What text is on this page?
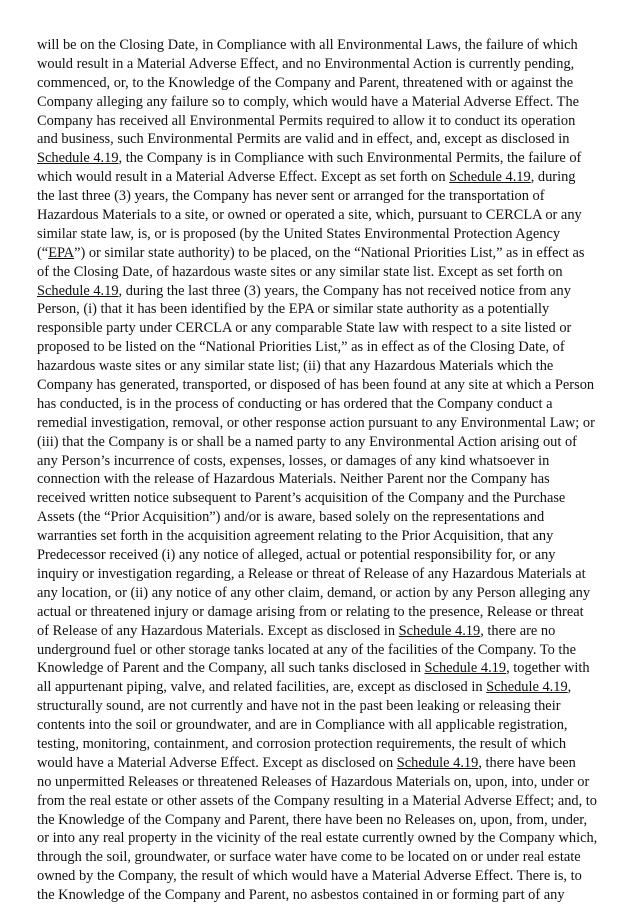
will be on the Closing Date, in Compliance with all Environmental Laws, the failure of which
would result in a Material Adverse Effect, and no Environmental Action is currently pending,
commenced, or, to the Knowledge of the Company and Parent, threatened with or against the
Company alleging any failure so to comply, which would have a Material Adverse Effect. The
Company has received all Environmental Permits required to allow it to conduct its operation
and business, such Environmental Permits are valid and in effect, and, except as disclosed in
Schedule 4.19, the Company is in Compliance with such Environmental Permits, the failure of
which would result in a Material Adverse Effect. Except as set forth on Schedule 4.19, during
the last three (3) years, the Company has never sent or arranged for the transportation of
Hazardous Materials to a site, or owned or operated a site, which, pursuant to CERCLA or any
similar state law, is, or is proposed (by the United States Environmental Protection Agency
(“EPA”) or similar state authority) to be placed, on the “National Priorities List,” as in effect as
of the Closing Date, of hazardous waste sites or any similar state list. Except as set forth on
Schedule 4.19, during the last three (3) years, the Company has not received notice from any
Person, (i) that it has been identified by the EPA or similar state authority as a potentially
responsible party under CERCLA or any comparable State law with respect to a site listed or
proposed to be listed on the “National Priorities List,” as in effect as of the Closing Date, of
hazardous waste sites or any similar state list; (ii) that any Hazardous Materials which the
Company has generated, transported, or disposed of has been found at any site at which a Person
has conducted, is in the process of conducting or has ordered that the Company conduct a
remedial investigation, removal, or other response action pursuant to any Environmental Law; or
(iii) that the Company is or shall be a named party to any Environmental Action arising out of
any Person’s incurrence of costs, expenses, losses, or damages of any kind whatsoever in
connection with the release of Hazardous Materials. Neither Parent nor the Company has
received written notice subsequent to Parent’s acquisition of the Company and the Purchase
Assets (the “Prior Acquisition”) and/or is aware, based solely on the representations and
warranties set forth in the acquisition agreement relating to the Prior Acquisition, that any
Predecessor received (i) any notice of alleged, actual or potential responsibility for, or any
inquiry or investigation regarding, a Release or threat of Release of any Hazardous Materials at
any location, or (ii) any notice of any other claim, demand, or action by any Person alleging any
actual or threatened injury or damage arising from or relating to the presence, Release or threat
of Release of any Hazardous Materials. Except as disclosed in Schedule 4.19, there are no
underground fuel or other storage tanks located at any of the facilities of the Company. To the
Knowledge of Parent and the Company, all such tanks disclosed in Schedule 4.19, together with
all appurtenant piping, valve, and related facilities, are, except as disclosed in Schedule 4.19,
structurally sound, are not currently and have not in the past been leaking or releasing their
contents into the soil or groundwater, and are in Compliance with all applicable registration,
testing, monitoring, containment, and corrosion protection requirements, the result of which
would have a Material Adverse Effect. Except as disclosed on Schedule 4.19, there have been
no unpermitted Releases or threatened Releases of Hazardous Materials on, upon, into, under or
from the real estate or other assets of the Company resulting in a Material Adverse Effect; and, to
the Knowledge of the Company and Parent, there have been no Releases on, upon, from, under,
or into any real property in the vicinity of the real estate currently owned by the Company which,
through the soil, groundwater, or surface water have come to be located on or under real estate
owned by the Company, the result of which would have a Material Adverse Effect. There is, to
the Knowledge of the Company and Parent, no asbestos contained in or forming part of any
